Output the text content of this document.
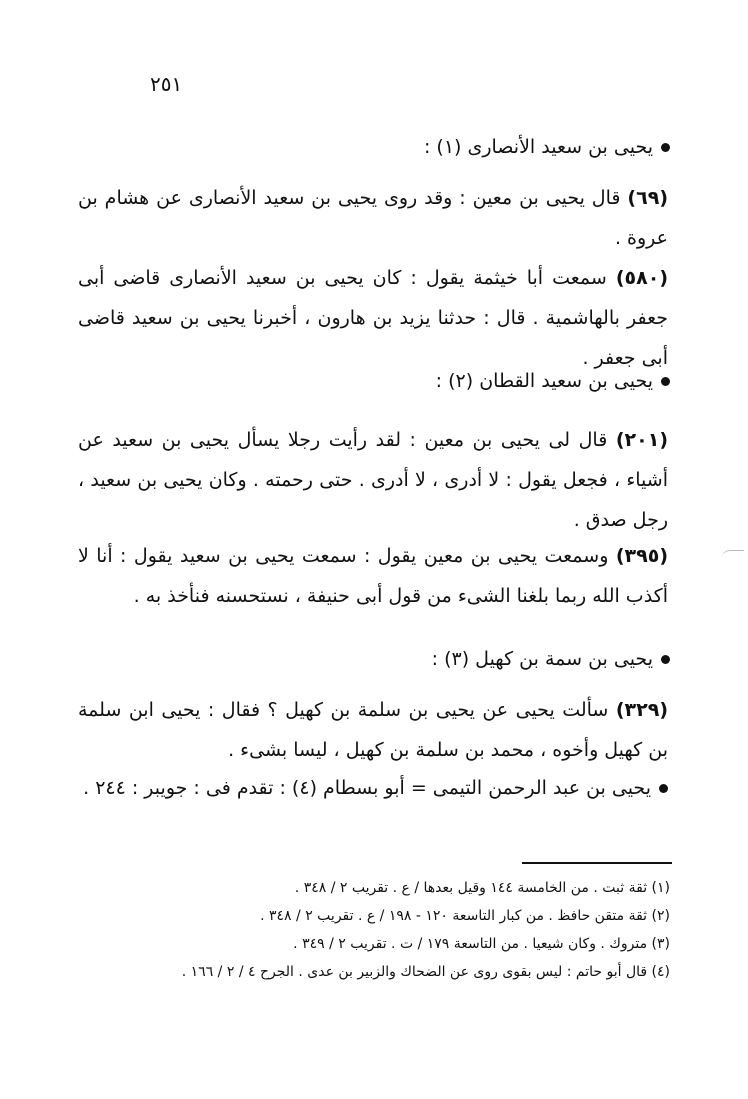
٢٥١
يحيى بن سعيد الأنصارى (١) :
(٦٩) قال يحيى بن معين : وقد روى يحيى بن سعيد الأنصارى عن هشام بن عروة .
(٥٨٠) سمعت أبا خيثمة يقول : كان يحيى بن سعيد الأنصارى قاضى أبى جعفر بالهاشمية . قال : حدثنا يزيد بن هارون ، أخبرنا يحيى بن سعيد قاضى أبى جعفر .
يحيى بن سعيد القطان (٢) :
(٢٠١) قال لى يحيى بن معين : لقد رأيت رجلا يسأل يحيى بن سعيد عن أشياء ، فجعل يقول : لا أدرى ، لا أدرى . حتى رحمته . وكان يحيى بن سعيد ، رجل صدق .
(٣٩٥) وسمعت يحيى بن معين يقول : سمعت يحيى بن سعيد يقول : أنا لا أكذب الله ربما بلغنا الشىء من قول أبى حنيفة ، نستحسنه فنأخذ به .
يحيى بن سمة بن كهيل (٣) :
(٣٢٩) سألت يحيى عن يحيى بن سلمة بن كهيل ؟ فقال : يحيى ابن سلمة بن كهيل وأخوه ، محمد بن سلمة بن كهيل ، ليسا بشىء .
يحيى بن عبد الرحمن التيمى = أبو بسطام (٤) : تقدم فى : جويبر : ٢٤٤ .
(١) ثقة ثبت . من الخامسة ١٤٤ وقيل بعدها / ع . تقريب ٢ / ٣٤٨ .
(٢) ثقة متقن حافظ . من كبار التاسعة ١٢٠ - ١٩٨ / ع . تقريب ٢ / ٣٤٨ .
(٣) متروك . وكان شيعيا . من التاسعة ١٧٩ / ت . تقريب ٢ / ٣٤٩ .
(٤) قال أبو حاتم : ليس بقوى روى عن الضحاك والزبير بن عدى . الجرح ٤ / ٢ / ١٦٦ .
